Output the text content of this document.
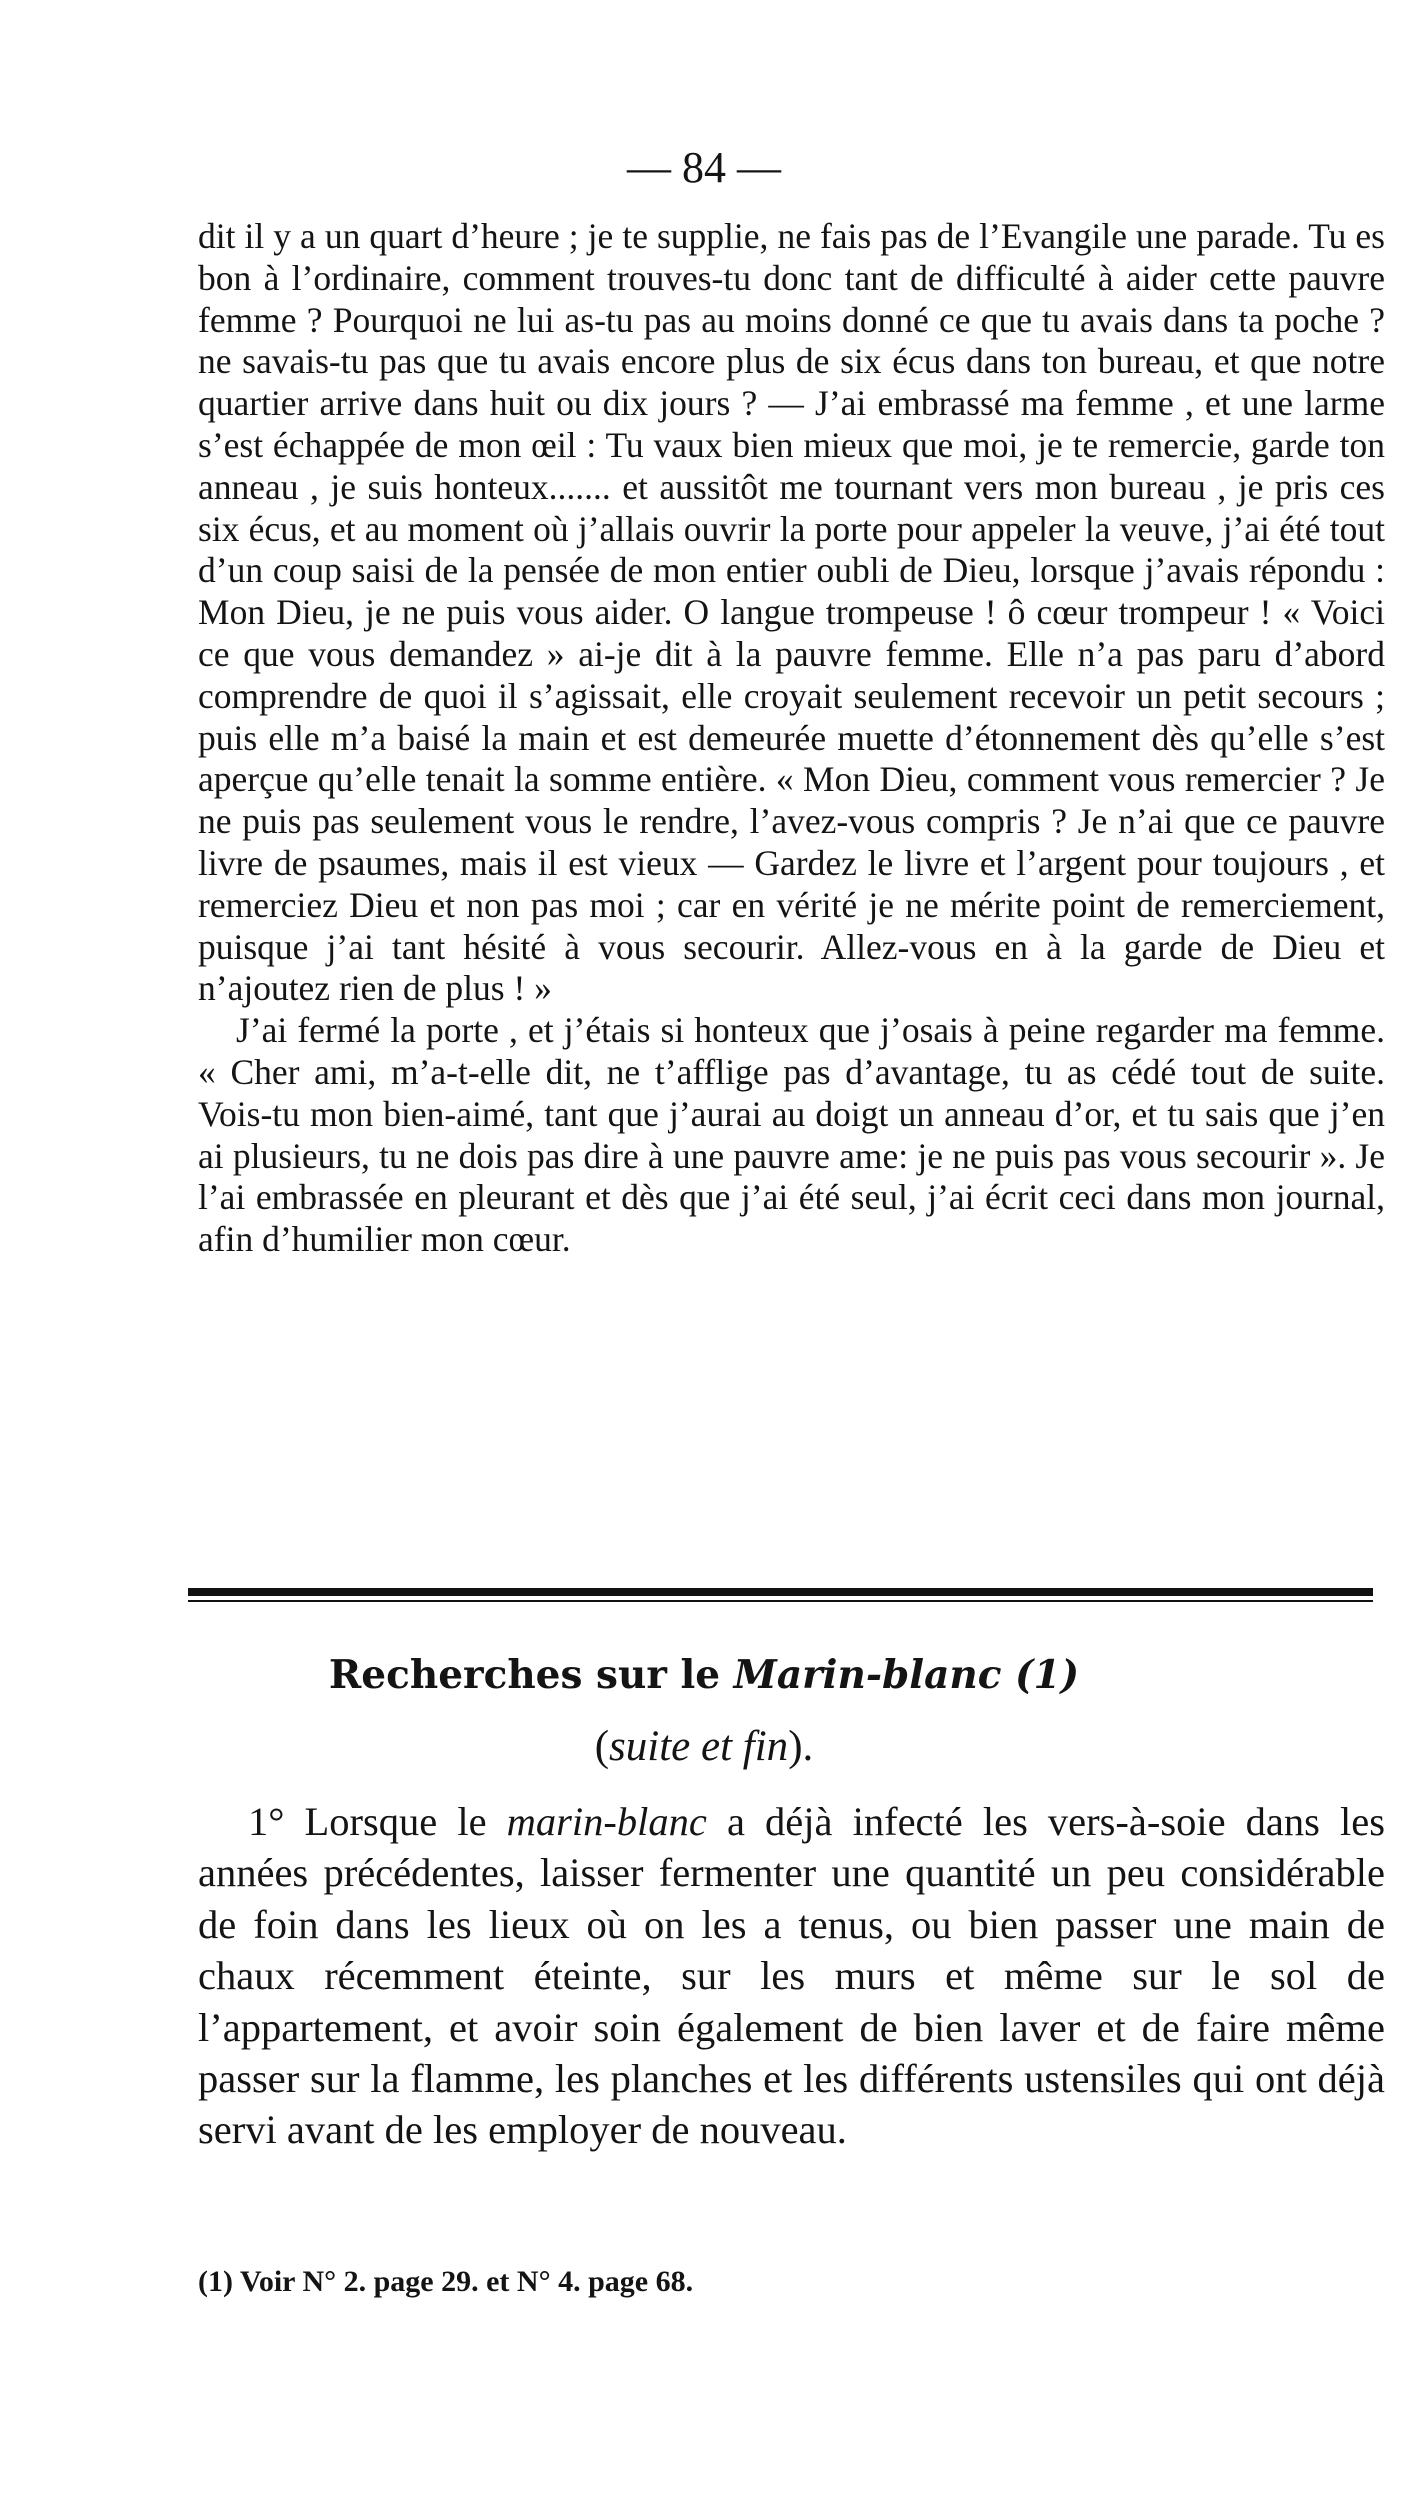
— 84 —

dit il y a un quart d’heure ; je te supplie, ne fais pas de l’Evangile une parade. Tu es bon à l’ordinaire, comment trouves-tu donc tant de difficulté à aider cette pauvre femme ? Pourquoi ne lui as-tu pas au moins donné ce que tu avais dans ta poche ? ne savais-tu pas que tu avais encore plus de six écus dans ton bureau, et que notre quartier arrive dans huit ou dix jours ? — J’ai embrassé ma femme , et une larme s’est échappée de mon œil : Tu vaux bien mieux que moi, je te remercie, garde ton anneau , je suis honteux....... et aussitôt me tournant vers mon bureau , je pris ces six écus, et au moment où j’allais ouvrir la porte pour appeler la veuve, j’ai été tout d’un coup saisi de la pensée de mon entier oubli de Dieu, lorsque j’avais répondu : Mon Dieu, je ne puis vous aider. O langue trompeuse ! ô cœur trompeur ! « Voici ce que vous demandez » ai-je dit à la pauvre femme. Elle n’a pas paru d’abord comprendre de quoi il s’agissait, elle croyait seulement recevoir un petit secours ; puis elle m’a baisé la main et est demeurée muette d’étonnement dès qu’elle s’est aperçue qu’elle tenait la somme entière. « Mon Dieu, comment vous remercier ? Je ne puis pas seulement vous le rendre, l’avez-vous compris ? Je n’ai que ce pauvre livre de psaumes, mais il est vieux — Gardez le livre et l’argent pour toujours , et remerciez Dieu et non pas moi ; car en vérité je ne mérite point de remerciement, puisque j’ai tant hésité à vous secourir. Allez-vous en à la garde de Dieu et n’ajoutez rien de plus ! »

J’ai fermé la porte , et j’étais si honteux que j’osais à peine regarder ma femme. « Cher ami, m’a-t-elle dit, ne t’afflige pas d’avantage, tu as cédé tout de suite. Vois-tu mon bien-aimé, tant que j’aurai au doigt un anneau d’or, et tu sais que j’en ai plusieurs, tu ne dois pas dire à une pauvre ame: je ne puis pas vous secourir ». Je l’ai embrassée en pleurant et dès que j’ai été seul, j’ai écrit ceci dans mon journal, afin d’humilier mon cœur.

Recherches sur le Marin-blanc (1)
(suite et fin).

1° Lorsque le marin-blanc a déjà infecté les vers-à-soie dans les années précédentes, laisser fermenter une quantité un peu considérable de foin dans les lieux où on les a tenus, ou bien passer une main de chaux récemment éteinte, sur les murs et même sur le sol de l’appartement, et avoir soin également de bien laver et de faire même passer sur la flamme, les planches et les différents ustensiles qui ont déjà servi avant de les employer de nouveau.

(1) Voir N° 2. page 29. et N° 4. page 68.
